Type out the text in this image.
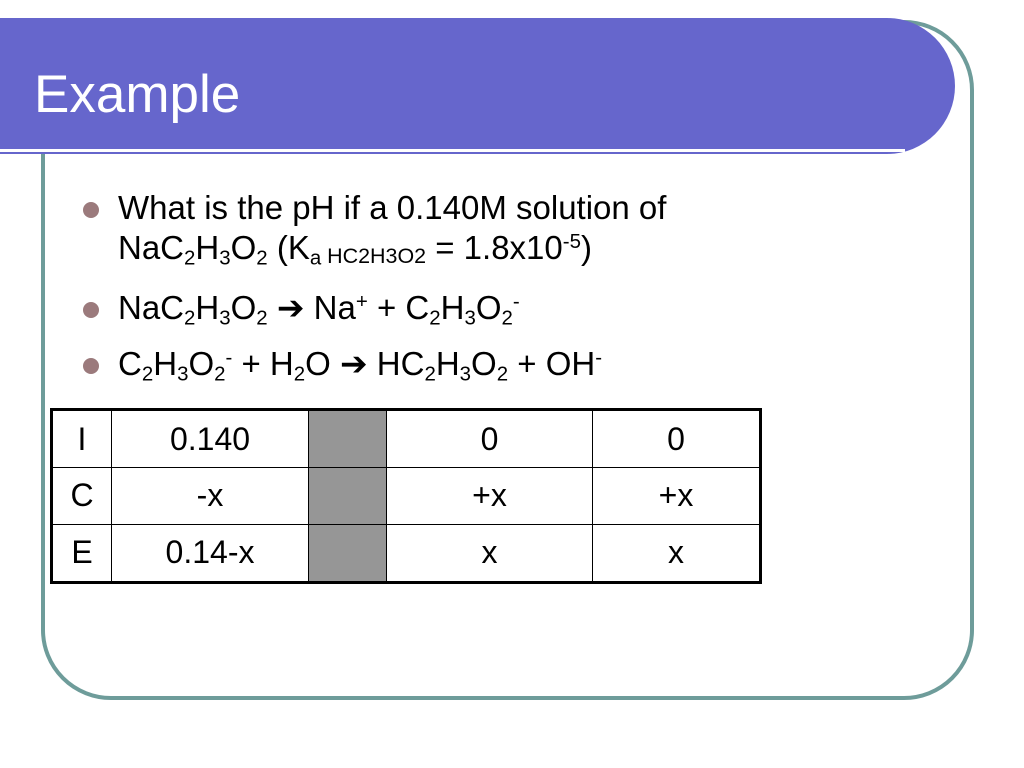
Example
What is the pH if a 0.140M solution of
$NaC_2H_3O_2$ ($K_a$ $HC2H3O2 = 1.8x10^{-5}$)
$NaC_2H_3O_2$ ➔ $Na^+ + C_2H_3O_2^-$
$C_2H_3O_2^- + H_2O$ ➔ $HC_2H_3O_2 + OH^-$
I	0.140		0	0
C	-x		+x	+x
E	0.14-x		x	x
